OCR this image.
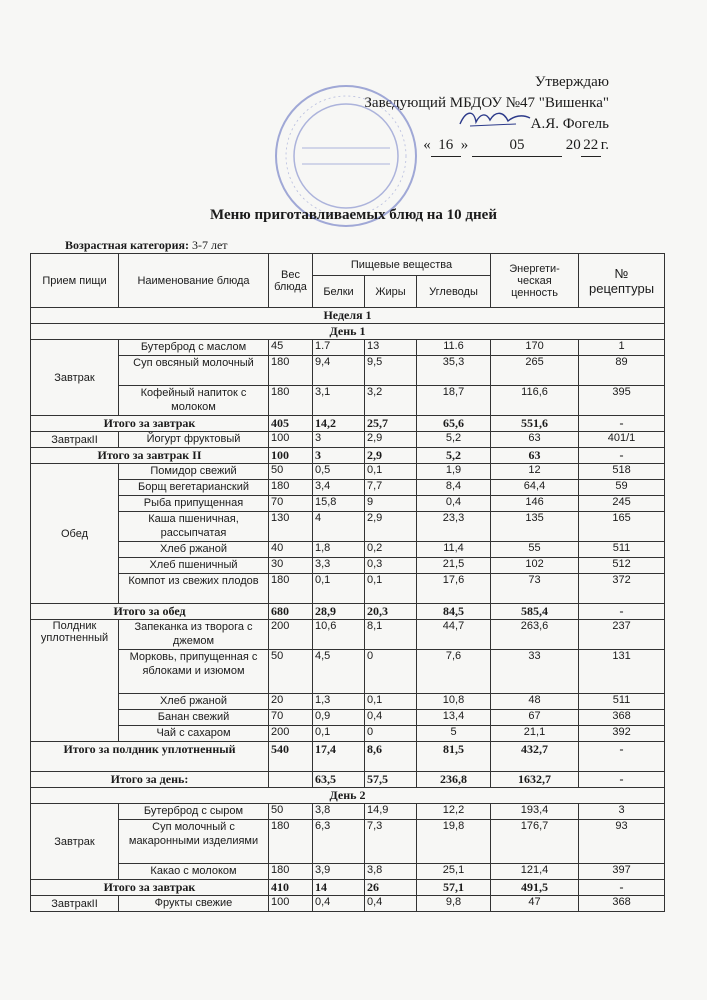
Утверждаю
Заведующий МБДОУ №47 "Вишенка"
А.Я. Фогель
« 16 »	05	20 22 г.
Меню приготавливаемых блюд на 10 дней
Возрастная категория: 3-7 лет
Прием пищи	Наименование блюда	Вес блюда	Пищевые вещества			Энергети-ческая ценность	№ рецептуры
			Белки	Жиры	Углеводы		
Неделя 1							
День 1							
Завтрак	Бутерброд с маслом	45	1.7	13	11.6	170	1
	Суп овсяный молочный	180	9,4	9,5	35,3	265	89
	Кофейный напиток с молоком	180	3,1	3,2	18,7	116,6	395
Итого за завтрак		405	14,2	25,7	65,6	551,6	-
ЗавтракII	Йогурт фруктовый	100	3	2,9	5,2	63	401/1
Итого за завтрак II		100	3	2,9	5,2	63	-
Обед	Помидор свежий	50	0,5	0,1	1,9	12	518
	Борщ вегетарианский	180	3,4	7,7	8,4	64,4	59
	Рыба припущенная	70	15,8	9	0,4	146	245
	Каша пшеничная, рассыпчатая	130	4	2,9	23,3	135	165
	Хлеб ржаной	40	1,8	0,2	11,4	55	511
	Хлеб пшеничный	30	3,3	0,3	21,5	102	512
	Компот из свежих плодов	180	0,1	0,1	17,6	73	372
Итого за обед		680	28,9	20,3	84,5	585,4	-
Полдник уплотненный	Запеканка из творога с джемом	200	10,6	8,1	44,7	263,6	237
	Морковь, припущенная с яблоками и изюмом	50	4,5	0	7,6	33	131
	Хлеб ржаной	20	1,3	0,1	10,8	48	511
	Банан свежий	70	0,9	0,4	13,4	67	368
	Чай с сахаром	200	0,1	0	5	21,1	392
Итого за полдник уплотненный		540	17,4	8,6	81,5	432,7	-
Итого за день:			63,5	57,5	236,8	1632,7	-
День 2							
Завтрак	Бутерброд с сыром	50	3,8	14,9	12,2	193,4	3
	Суп молочный с макаронными изделиями	180	6,3	7,3	19,8	176,7	93
	Какао с молоком	180	3,9	3,8	25,1	121,4	397
Итого за завтрак		410	14	26	57,1	491,5	-
ЗавтракII	Фрукты свежие	100	0,4	0,4	9,8	47	368
